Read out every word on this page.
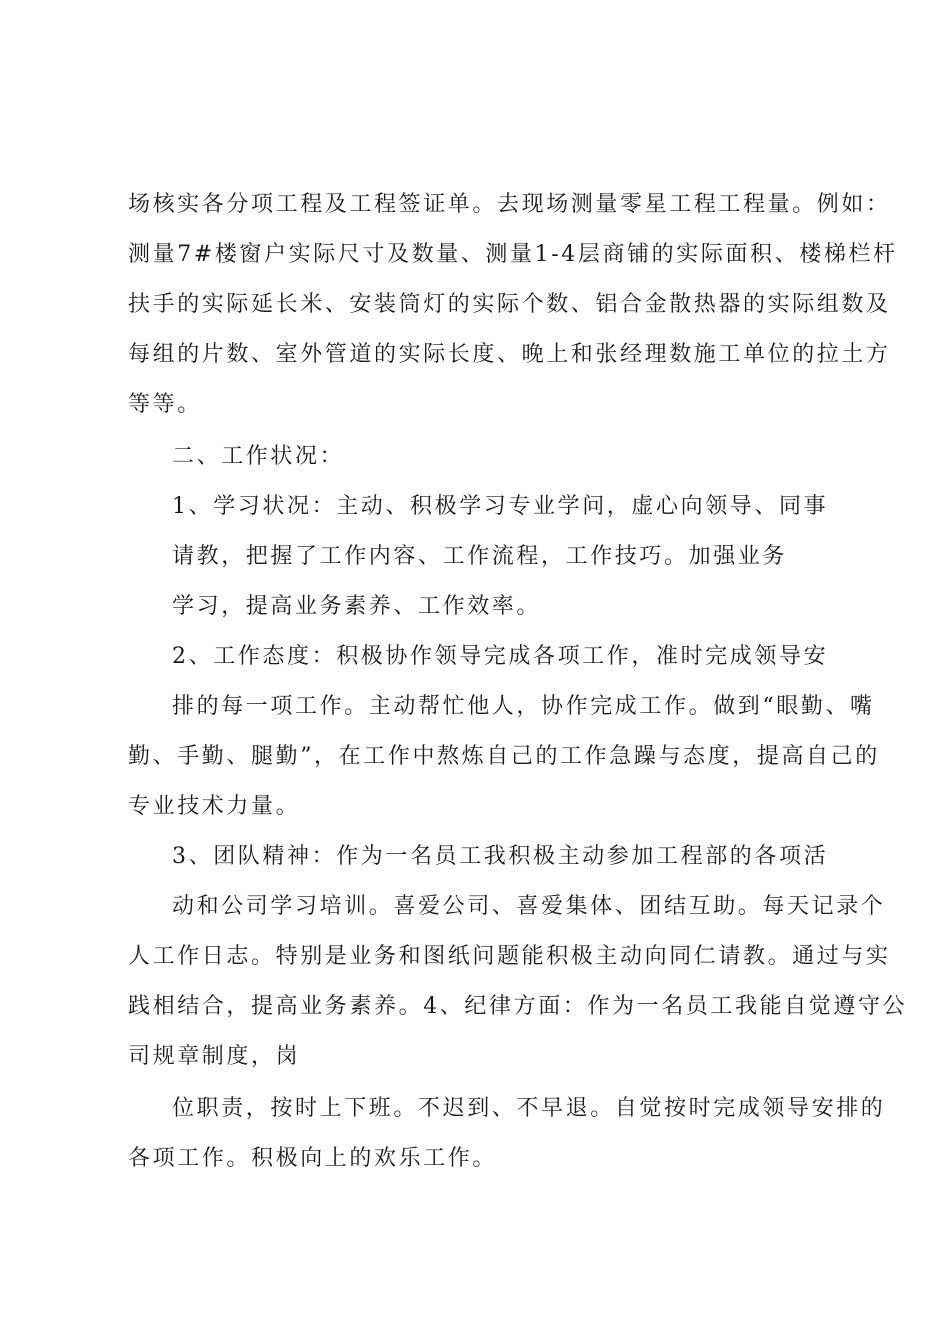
场核实各分项工程及工程签证单。去现场测量零星工程工程量。例如：
测量7#楼窗户实际尺寸及数量、测量1-4层商铺的实际面积、楼梯栏杆
扶手的实际延长米、安装筒灯的实际个数、铝合金散热器的实际组数及
每组的片数、室外管道的实际长度、晚上和张经理数施工单位的拉土方
等等。
二、工作状况：
1、学习状况：主动、积极学习专业学问，虚心向领导、同事
请教，把握了工作内容、工作流程，工作技巧。加强业务
学习，提高业务素养、工作效率。
2、工作态度：积极协作领导完成各项工作，准时完成领导安
排的每一项工作。主动帮忙他人，协作完成工作。做到“眼勤、嘴
勤、手勤、腿勤”，在工作中熬炼自己的工作急躁与态度，提高自己的
专业技术力量。
3、团队精神：作为一名员工我积极主动参加工程部的各项活
动和公司学习培训。喜爱公司、喜爱集体、团结互助。每天记录个
人工作日志。特别是业务和图纸问题能积极主动向同仁请教。通过与实
践相结合，提高业务素养。4、纪律方面：作为一名员工我能自觉遵守公
司规章制度，岗
位职责，按时上下班。不迟到、不早退。自觉按时完成领导安排的
各项工作。积极向上的欢乐工作。
